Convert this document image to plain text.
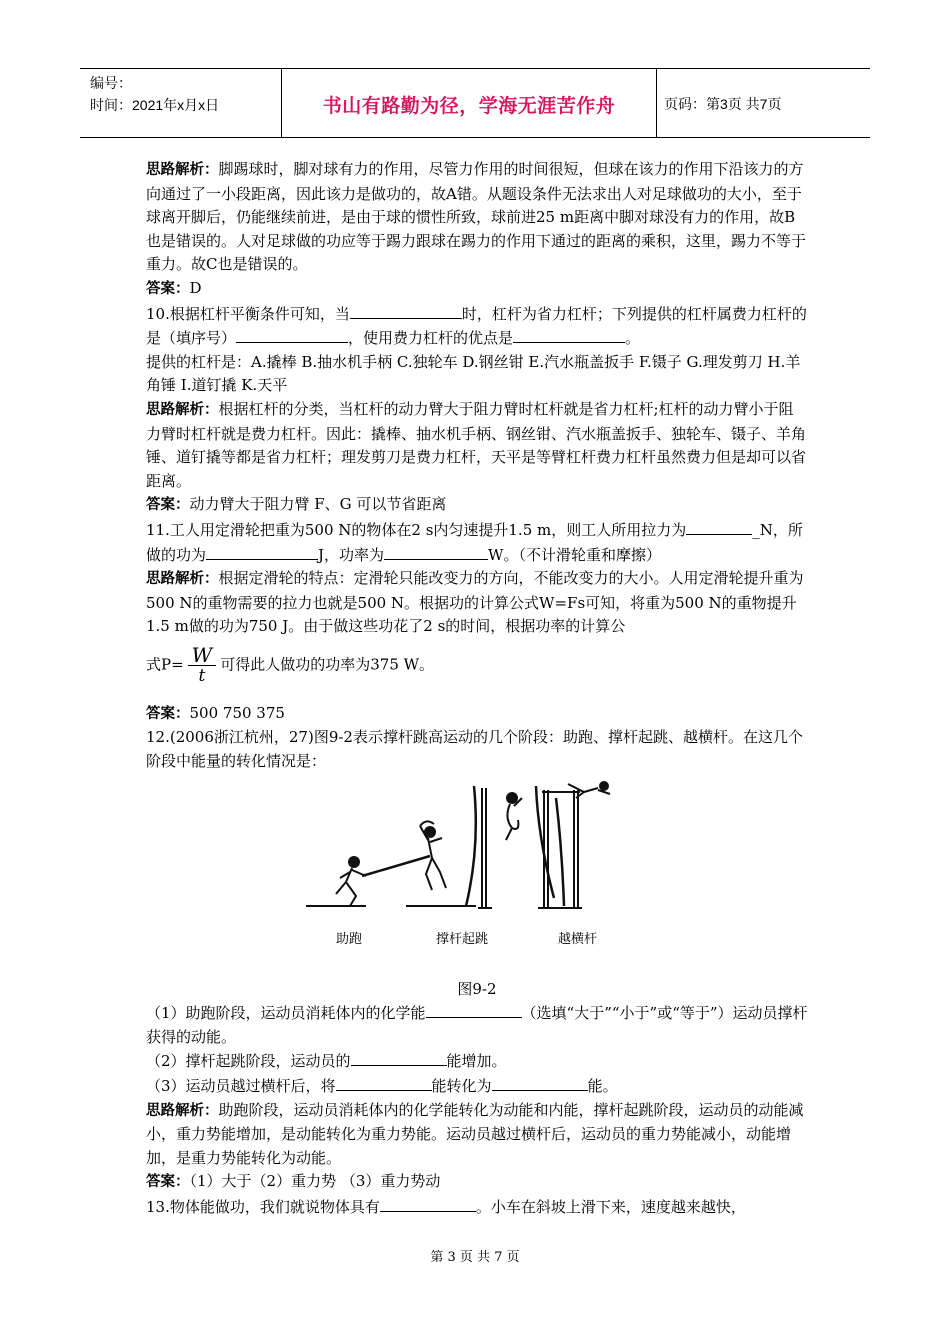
编号：
时间：2021年x月x日	书山有路勤为径，学海无涯苦作舟	页码：第3页 共7页

思路解析：脚踢球时，脚对球有力的作用，尽管力作用的时间很短，但球在该力的作用下沿该力的方向通过了一小段距离，因此该力是做功的，故A错。从题设条件无法求出人对足球做功的大小，至于球离开脚后，仍能继续前进，是由于球的惯性所致，球前进25 m距离中脚对球没有力的作用，故B也是错误的。人对足球做的功应等于踢力跟球在踢力的作用下通过的距离的乘积，这里，踢力不等于重力。故C也是错误的。

答案：D

10.根据杠杆平衡条件可知，当	时，杠杆为省力杠杆；下列提供的杠杆属费力杠杆的是（填序号）	，使用费力杠杆的优点是	。

提供的杠杆是：A.撬棒 B.抽水机手柄 C.独轮车 D.钢丝钳 E.汽水瓶盖扳手 F.镊子 G.理发剪刀 H.羊角锤 I.道钉撬 K.天平

思路解析：根据杠杆的分类，当杠杆的动力臂大于阻力臂时杠杆就是省力杠杆;杠杆的动力臂小于阻力臂时杠杆就是费力杠杆。因此：撬棒、抽水机手柄、钢丝钳、汽水瓶盖扳手、独轮车、镊子、羊角锤、道钉撬等都是省力杠杆；理发剪刀是费力杠杆，天平是等臂杠杆费力杠杆虽然费力但是却可以省距离。

答案：动力臂大于阻力臂 F、G 可以节省距离

11.工人用定滑轮把重为500 N的物体在2 s内匀速提升1.5 m，则工人所用拉力为	_N，所做的功为	J，功率为	W。（不计滑轮重和摩擦）

思路解析：根据定滑轮的特点：定滑轮只能改变力的方向，不能改变力的大小。人用定滑轮提升重为500 N的重物需要的拉力也就是500 N。根据功的计算公式W=Fs可知，将重为500 N的重物提升1.5 m做的功为750 J。由于做这些功花了2 s的时间，根据功率的计算公

式$P= \frac{W}{t}$ 可得此人做功的功率为375 W。

答案：500 750 375

12.(2006浙江杭州，27)图9-2表示撑杆跳高运动的几个阶段：助跑、撑杆起跳、越横杆。在这几个阶段中能量的转化情况是：

助跑	撑杆起跳	越横杆

图9-2

（1）助跑阶段，运动员消耗体内的化学能	（选填“大于”“小于”或“等于”）运动员撑杆获得的动能。

（2）撑杆起跳阶段，运动员的	能增加。

（3）运动员越过横杆后，将	能转化为	能。

思路解析：助跑阶段，运动员消耗体内的化学能转化为动能和内能，撑杆起跳阶段，运动员的动能减小，重力势能增加，是动能转化为重力势能。运动员越过横杆后，运动员的重力势能减小，动能增加，是重力势能转化为动能。

答案：（1）大于（2）重力势 （3）重力势动

13.物体能做功，我们就说物体具有	。小车在斜坡上滑下来，速度越来越快，

第 3 页 共 7 页
